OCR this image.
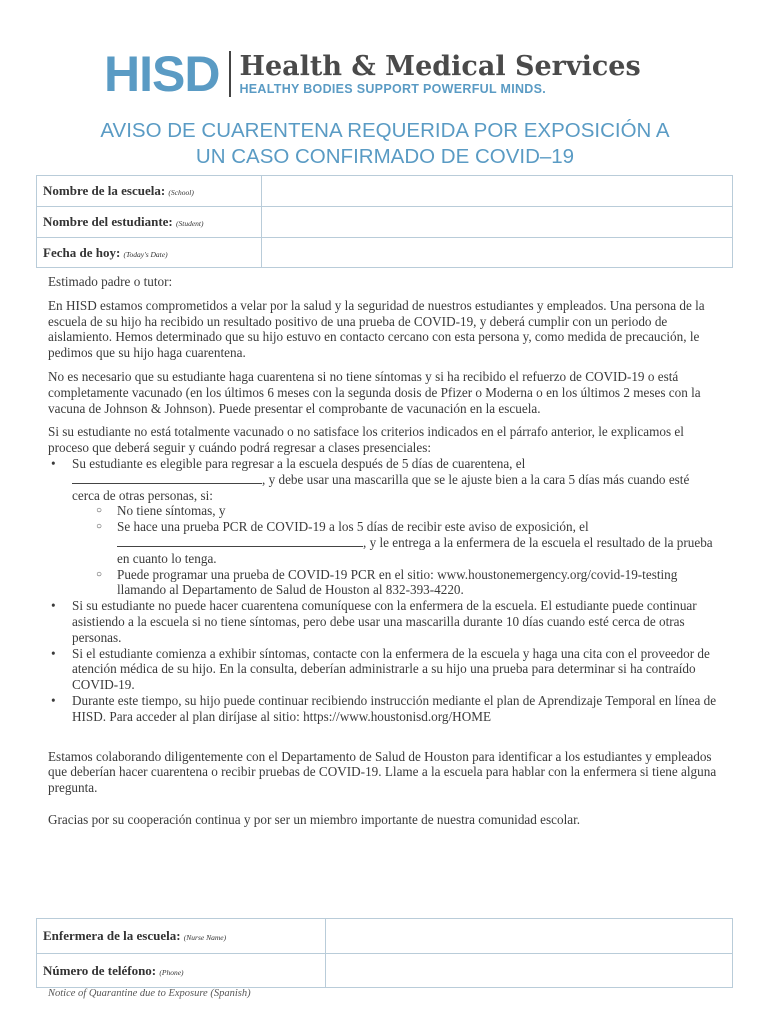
HISD Health & Medical Services
HEALTHY BODIES SUPPORT POWERFUL MINDS.
AVISO DE CUARENTENA REQUERIDA POR EXPOSICIÓN A
UN CASO CONFIRMADO DE COVID–19
Nombre de la escuela: (School)	
Nombre del estudiante: (Student)	
Fecha de hoy: (Today's Date)	

Estimado padre o tutor:

En HISD estamos comprometidos a velar por la salud y la seguridad de nuestros estudiantes y empleados. Una persona de la escuela de su hijo ha recibido un resultado positivo de una prueba de COVID-19, y deberá cumplir con un periodo de aislamiento. Hemos determinado que su hijo estuvo en contacto cercano con esta persona y, como medida de precaución, le pedimos que su hijo haga cuarentena.

No es necesario que su estudiante haga cuarentena si no tiene síntomas y si ha recibido el refuerzo de COVID-19 o está completamente vacunado (en los últimos 6 meses con la segunda dosis de Pfizer o Moderna o en los últimos 2 meses con la vacuna de Johnson & Johnson). Puede presentar el comprobante de vacunación en la escuela.

Si su estudiante no está totalmente vacunado o no satisface los criterios indicados en el párrafo anterior, le explicamos el proceso que deberá seguir y cuándo podrá regresar a clases presenciales:

• Su estudiante es elegible para regresar a la escuela después de 5 días de cuarentena, el
, y debe usar una mascarilla que se le ajuste bien a la cara 5 días más cuando esté cerca de otras personas, si:
○ No tiene síntomas, y
○ Se hace una prueba PCR de COVID-19 a los 5 días de recibir este aviso de exposición, el
, y le entrega a la enfermera de la escuela el resultado de la prueba en cuanto lo tenga.
○ Puede programar una prueba de COVID-19 PCR en el sitio: www.houstonemergency.org/covid-19-testing llamando al Departamento de Salud de Houston al 832-393-4220.
• Si su estudiante no puede hacer cuarentena comuníquese con la enfermera de la escuela. El estudiante puede continuar asistiendo a la escuela si no tiene síntomas, pero debe usar una mascarilla durante 10 días cuando esté cerca de otras personas.
• Si el estudiante comienza a exhibir síntomas, contacte con la enfermera de la escuela y haga una cita con el proveedor de atención médica de su hijo. En la consulta, deberían administrarle a su hijo una prueba para determinar si ha contraído COVID-19.
• Durante este tiempo, su hijo puede continuar recibiendo instrucción mediante el plan de Aprendizaje Temporal en línea de HISD. Para acceder al plan diríjase al sitio: https://www.houstonisd.org/HOME

Estamos colaborando diligentemente con el Departamento de Salud de Houston para identificar a los estudiantes y empleados que deberían hacer cuarentena o recibir pruebas de COVID-19. Llame a la escuela para hablar con la enfermera si tiene alguna pregunta.

Gracias por su cooperación continua y por ser un miembro importante de nuestra comunidad escolar.

Enfermera de la escuela: (Nurse Name)	
Número de teléfono: (Phone)	
Notice of Quarantine due to Exposure (Spanish)
